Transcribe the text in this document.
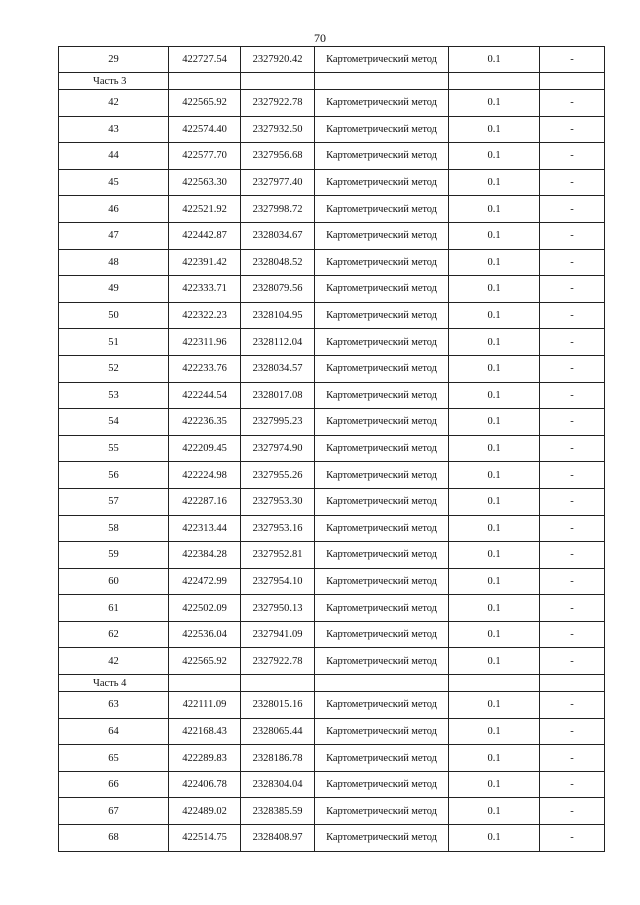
70
29	422727.54	2327920.42	Картометрический метод	0.1	-
Часть 3					
42	422565.92	2327922.78	Картометрический метод	0.1	-
43	422574.40	2327932.50	Картометрический метод	0.1	-
44	422577.70	2327956.68	Картометрический метод	0.1	-
45	422563.30	2327977.40	Картометрический метод	0.1	-
46	422521.92	2327998.72	Картометрический метод	0.1	-
47	422442.87	2328034.67	Картометрический метод	0.1	-
48	422391.42	2328048.52	Картометрический метод	0.1	-
49	422333.71	2328079.56	Картометрический метод	0.1	-
50	422322.23	2328104.95	Картометрический метод	0.1	-
51	422311.96	2328112.04	Картометрический метод	0.1	-
52	422233.76	2328034.57	Картометрический метод	0.1	-
53	422244.54	2328017.08	Картометрический метод	0.1	-
54	422236.35	2327995.23	Картометрический метод	0.1	-
55	422209.45	2327974.90	Картометрический метод	0.1	-
56	422224.98	2327955.26	Картометрический метод	0.1	-
57	422287.16	2327953.30	Картометрический метод	0.1	-
58	422313.44	2327953.16	Картометрический метод	0.1	-
59	422384.28	2327952.81	Картометрический метод	0.1	-
60	422472.99	2327954.10	Картометрический метод	0.1	-
61	422502.09	2327950.13	Картометрический метод	0.1	-
62	422536.04	2327941.09	Картометрический метод	0.1	-
42	422565.92	2327922.78	Картометрический метод	0.1	-
Часть 4					
63	422111.09	2328015.16	Картометрический метод	0.1	-
64	422168.43	2328065.44	Картометрический метод	0.1	-
65	422289.83	2328186.78	Картометрический метод	0.1	-
66	422406.78	2328304.04	Картометрический метод	0.1	-
67	422489.02	2328385.59	Картометрический метод	0.1	-
68	422514.75	2328408.97	Картометрический метод	0.1	-
